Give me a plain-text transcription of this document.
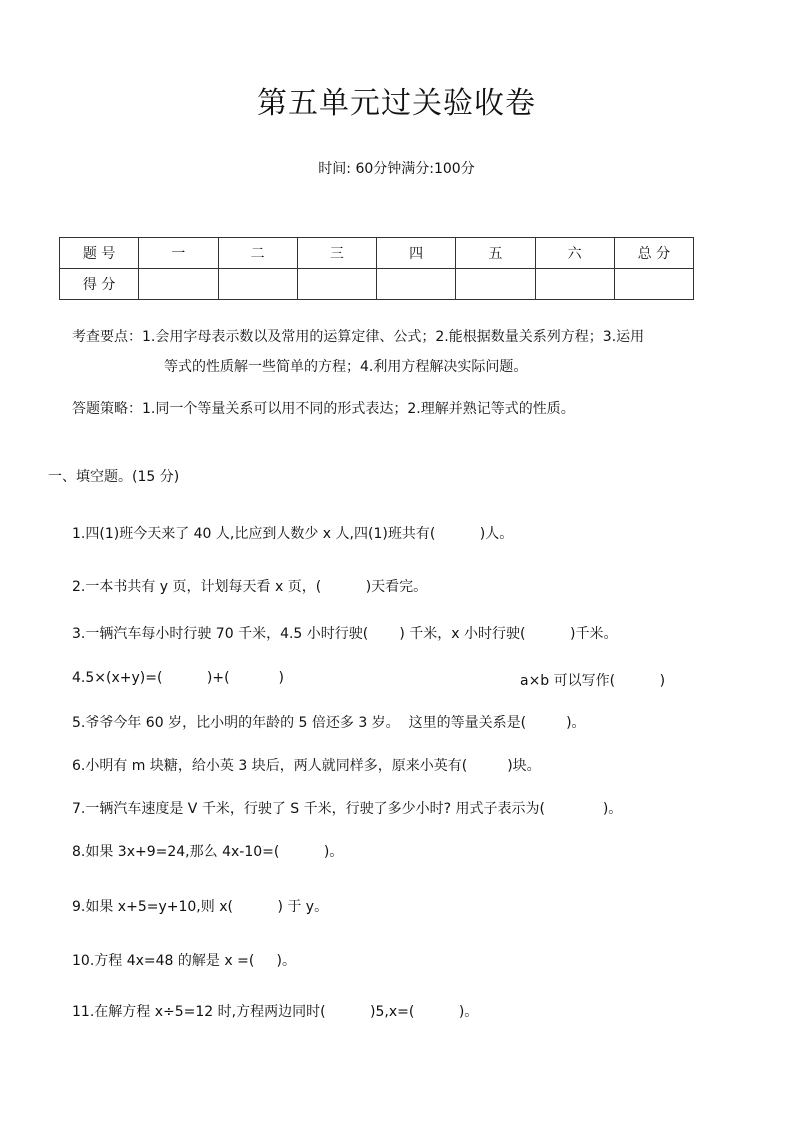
第五单元过关验收卷
时间: 60分钟满分:100分
题 号	一	二	三	四	五	六	总 分
得 分							
考查要点：1.会用字母表示数以及常用的运算定律、公式；2.能根据数量关系列方程；3.运用
等式的性质解一些简单的方程；4.利用方程解决实际问题。
答题策略：1.同一个等量关系可以用不同的形式表达；2.理解并熟记等式的性质。
一、填空题。(15 分)
1.四(1)班今天来了 40 人,比应到人数少 x 人,四(1)班共有(          )人。
2.一本书共有 y 页，计划每天看 x 页，(          )天看完。
3.一辆汽车每小时行驶 70 千米，4.5 小时行驶(       ) 千米，x 小时行驶(          )千米。
4.5×(x+y)=(          )+(           )	a×b 可以写作(          )
5.爷爷今年 60 岁，比小明的年龄的 5 倍还多 3 岁。  这里的等量关系是(         )。
6.小明有 m 块糖，给小英 3 块后，两人就同样多，原来小英有(         )块。
7.一辆汽车速度是 V 千米，行驶了 S 千米，行驶了多少小时? 用式子表示为(             )。
8.如果 3x+9=24,那么 4x-10=(          )。
9.如果 x+5=y+10,则 x(          ) 于 y。
10.方程 4x=48 的解是 x =(     )。
11.在解方程 x÷5=12 时,方程两边同时(          )5,x=(          )。
